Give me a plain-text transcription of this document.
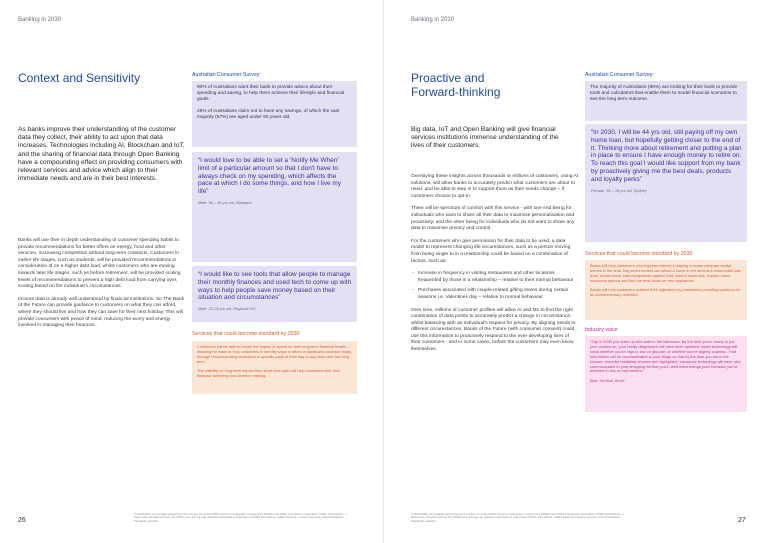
Banking in 2030
Context and Sensitivity

As banks improve their understanding of the customer data they collect, their ability to act upon that data increases. Technologies including AI, Blockchain and IoT, and the sharing of financial data through Open Banking have a compounding effect on providing consumers with relevant services and advice which align to their immediate needs and are in their best interests.

Banks will use their in depth understanding of customer spending habits to provide recommendations for better offers on energy, food and other services, increasing competition without long-term contracts. Customers in earlier life stages, such as students, will be provided recommendations in consideration of on a higher debt load, whilst customers who are moving towards later life stages, such as before retirement, will be provided scaling levels of recommendations to prevent a high debt load from carrying over, scaling based on the individual's circumstances.

Income data is already well understood by financial institutions. So The Bank of the Future can provide guidance to customers on what they can afford, where they should live and how they can save for their next holiday. This will provide consumers with peace of mind, reducing the worry and energy involved in managing their finances.

Australian Consumer Survey:

90% of Australians want their bank to provide advice about their spending and saving, to help them achieve their lifestyle and financial goals.

25% of Australians claim not to have any savings, of which the vast majority (67%) are aged under 50 years old.

“I would love to be able to set a ‘Notify Me When’ limit of a particular amount so that I don't have to always check on my spending, which affects the pace at which I do some things, and how I live my life”

Male, 55 – 59 yrs old, Brisbane

“I would like to see tools that allow people to manage their monthly finances and used tech to come up with ways to help people save money based on their situation and circumstances”

Male, 20-24 yrs old, Regional VIC

Services that could become standard by 2030

Customers will be able to model the impact of spend on their long-term financial health – allowing the bank to help customers to identify ways to afford a significant purchase today, through recommending reductions in specific parts of their day-to-day lives over the long-term.

The visibility on long-term impact from short-term gain will help customers with their financial wellbeing and decision making.

26
© 2019 KPMG, an Australian partnership and a member firm of the KPMG network of independent member firms affiliated with KPMG International Cooperative (“KPMG International”), a Swiss entity. All rights reserved. The KPMG name and logo are registered trademarks or trademarks of KPMG International. Liability limited by a scheme approved under Professional Standards Legislation.
Banking in 2030
Proactive and
Forward-thinking

Big data, IoT and Open Banking will give financial services institutions immense understanding of the lives of their customers.

Overlaying these insights across thousands or millions of customers, using AI solutions, will allow banks to accurately predict what customers are about to need, and be able to step in to support them as their needs change – if customers choose to opt-in.

There will be spectrum of comfort with this service - with one end being for individuals who want to share all their data to maximise personalisation and proactivity; and the other being for individuals who do not want to share any data to maximise privacy and control.

For the customers who give permission for their data to be used, a data model to represent changing life circumstances, such as a person moving from being single to in a relationship could be based on a combination of factors, such as:

- Increase in frequency in visiting restaurants and other locations frequented by those in a relationship – relative to their normal behaviour
- Purchases associated with couple-related gifting stores during certain seasons i.e. Valentines day – relative to normal behaviour

Over time, millions of customer profiles will allow AI and ML to find the right combination of data points to accurately predict a change in circumstance, whilst balancing with an individual's request for privacy. By aligning needs to different circumstances, Banks of the Future (with consumer consent) could use this information to proactively respond to the ever-developing lives of their customers - and in some cases, before the customers may even know themselves.

Australian Consumer Survey:

The majority of Australians (86%) are looking for their bank to provide tools and calculators that enable them to model financial scenarios to see the long term outcome.

“In 2030, I will be 44 yrs old, still paying off my own home loan, but hopefully getting closer to the end of it. Thinking more about retirement and putting a plan in place to ensure I have enough money to retire on. To reach this goal I would like support from my bank by proactively giving me the best deals, products and loyalty perks”

Female, 35 – 39 yrs old, Sydney

Services that could become standard by 2030

Banks will help customers who express interest in buying a house compare similar homes in the area, flag when renters can afford a home in the area at a reasonable loan level, model home loan repayments against their current expenses, explore home insurance options and find the best deals on new appliances.

Banks will help customers achieve their objectives by proactively providing solutions for all complementary activities.

Industry voice

“Say in 2030 you wake up and walk to the bathroom. By the time you're ready to put your clothes on, your bodily diagnostics will have been updated: smart technology will know whether you're high or low on glucose, or whether you're slightly anaemic. That information will be communicated to your fridge so that by the time you are in the kitchen, remedial breakfast choices are highlighted. Insurance technology will have also communicated to your shopping list that you'll need extra orange juice because you're deficient in this or that nutrient.”

Blair Turnbull, Amex

27
© 2019 KPMG, an Australian partnership and a member firm of the KPMG network of independent member firms affiliated with KPMG International Cooperative (“KPMG International”), a Swiss entity. All rights reserved. The KPMG name and logo are registered trademarks or trademarks of KPMG International. Liability limited by a scheme approved under Professional Standards Legislation.
